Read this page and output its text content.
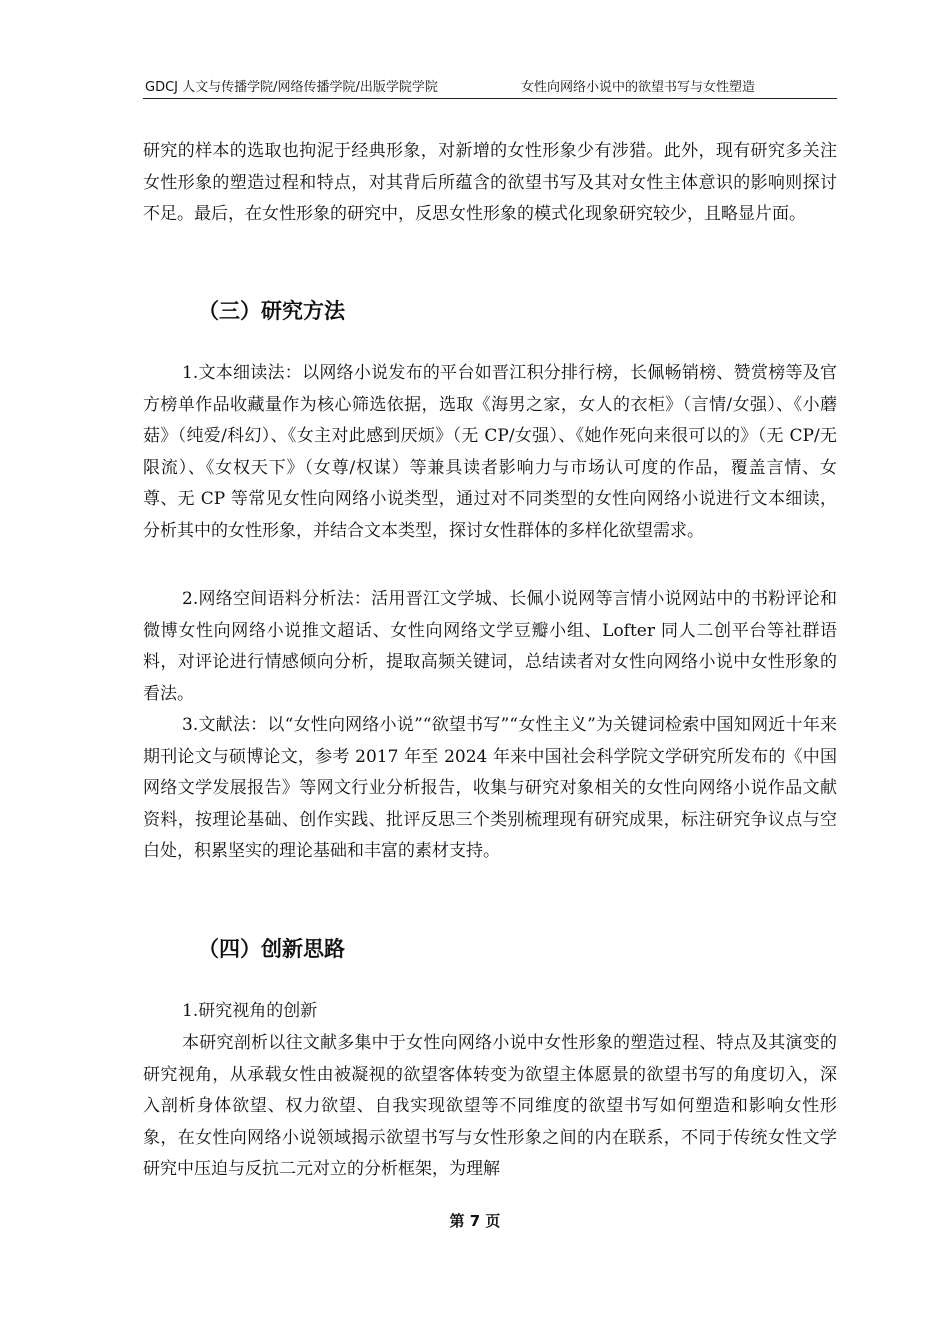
GDCJ 人文与传播学院/网络传播学院/出版学院学院	女性向网络小说中的欲望书写与女性塑造

研究的样本的选取也拘泥于经典形象，对新增的女性形象少有涉猎。此外，现有研究多关注女性形象的塑造过程和特点，对其背后所蕴含的欲望书写及其对女性主体意识的影响则探讨不足。最后，在女性形象的研究中，反思女性形象的模式化现象研究较少，且略显片面。

（三）研究方法

1.文本细读法：以网络小说发布的平台如晋江积分排行榜，长佩畅销榜、赞赏榜等及官方榜单作品收藏量作为核心筛选依据，选取《海男之家，女人的衣柜》（言情/女强）、《小蘑菇》（纯爱/科幻）、《女主对此感到厌烦》（无 CP/女强）、《她作死向来很可以的》（无 CP/无限流）、《女权天下》（女尊/权谋）等兼具读者影响力与市场认可度的作品，覆盖言情、女尊、无 CP 等常见女性向网络小说类型，通过对不同类型的女性向网络小说进行文本细读，分析其中的女性形象，并结合文本类型，探讨女性群体的多样化欲望需求。

2.网络空间语料分析法：活用晋江文学城、长佩小说网等言情小说网站中的书粉评论和微博女性向网络小说推文超话、女性向网络文学豆瓣小组、Lofter 同人二创平台等社群语料，对评论进行情感倾向分析，提取高频关键词，总结读者对女性向网络小说中女性形象的看法。

3.文献法：以“女性向网络小说”“欲望书写”“女性主义”为关键词检索中国知网近十年来期刊论文与硕博论文，参考 2017 年至 2024 年来中国社会科学院文学研究所发布的《中国网络文学发展报告》等网文行业分析报告，收集与研究对象相关的女性向网络小说作品文献资料，按理论基础、创作实践、批评反思三个类别梳理现有研究成果，标注研究争议点与空白处，积累坚实的理论基础和丰富的素材支持。

（四）创新思路

1.研究视角的创新

本研究剖析以往文献多集中于女性向网络小说中女性形象的塑造过程、特点及其演变的研究视角，从承载女性由被凝视的欲望客体转变为欲望主体愿景的欲望书写的角度切入，深入剖析身体欲望、权力欲望、自我实现欲望等不同维度的欲望书写如何塑造和影响女性形象，在女性向网络小说领域揭示欲望书写与女性形象之间的内在联系，不同于传统女性文学研究中压迫与反抗二元对立的分析框架，为理解

第 7 页
